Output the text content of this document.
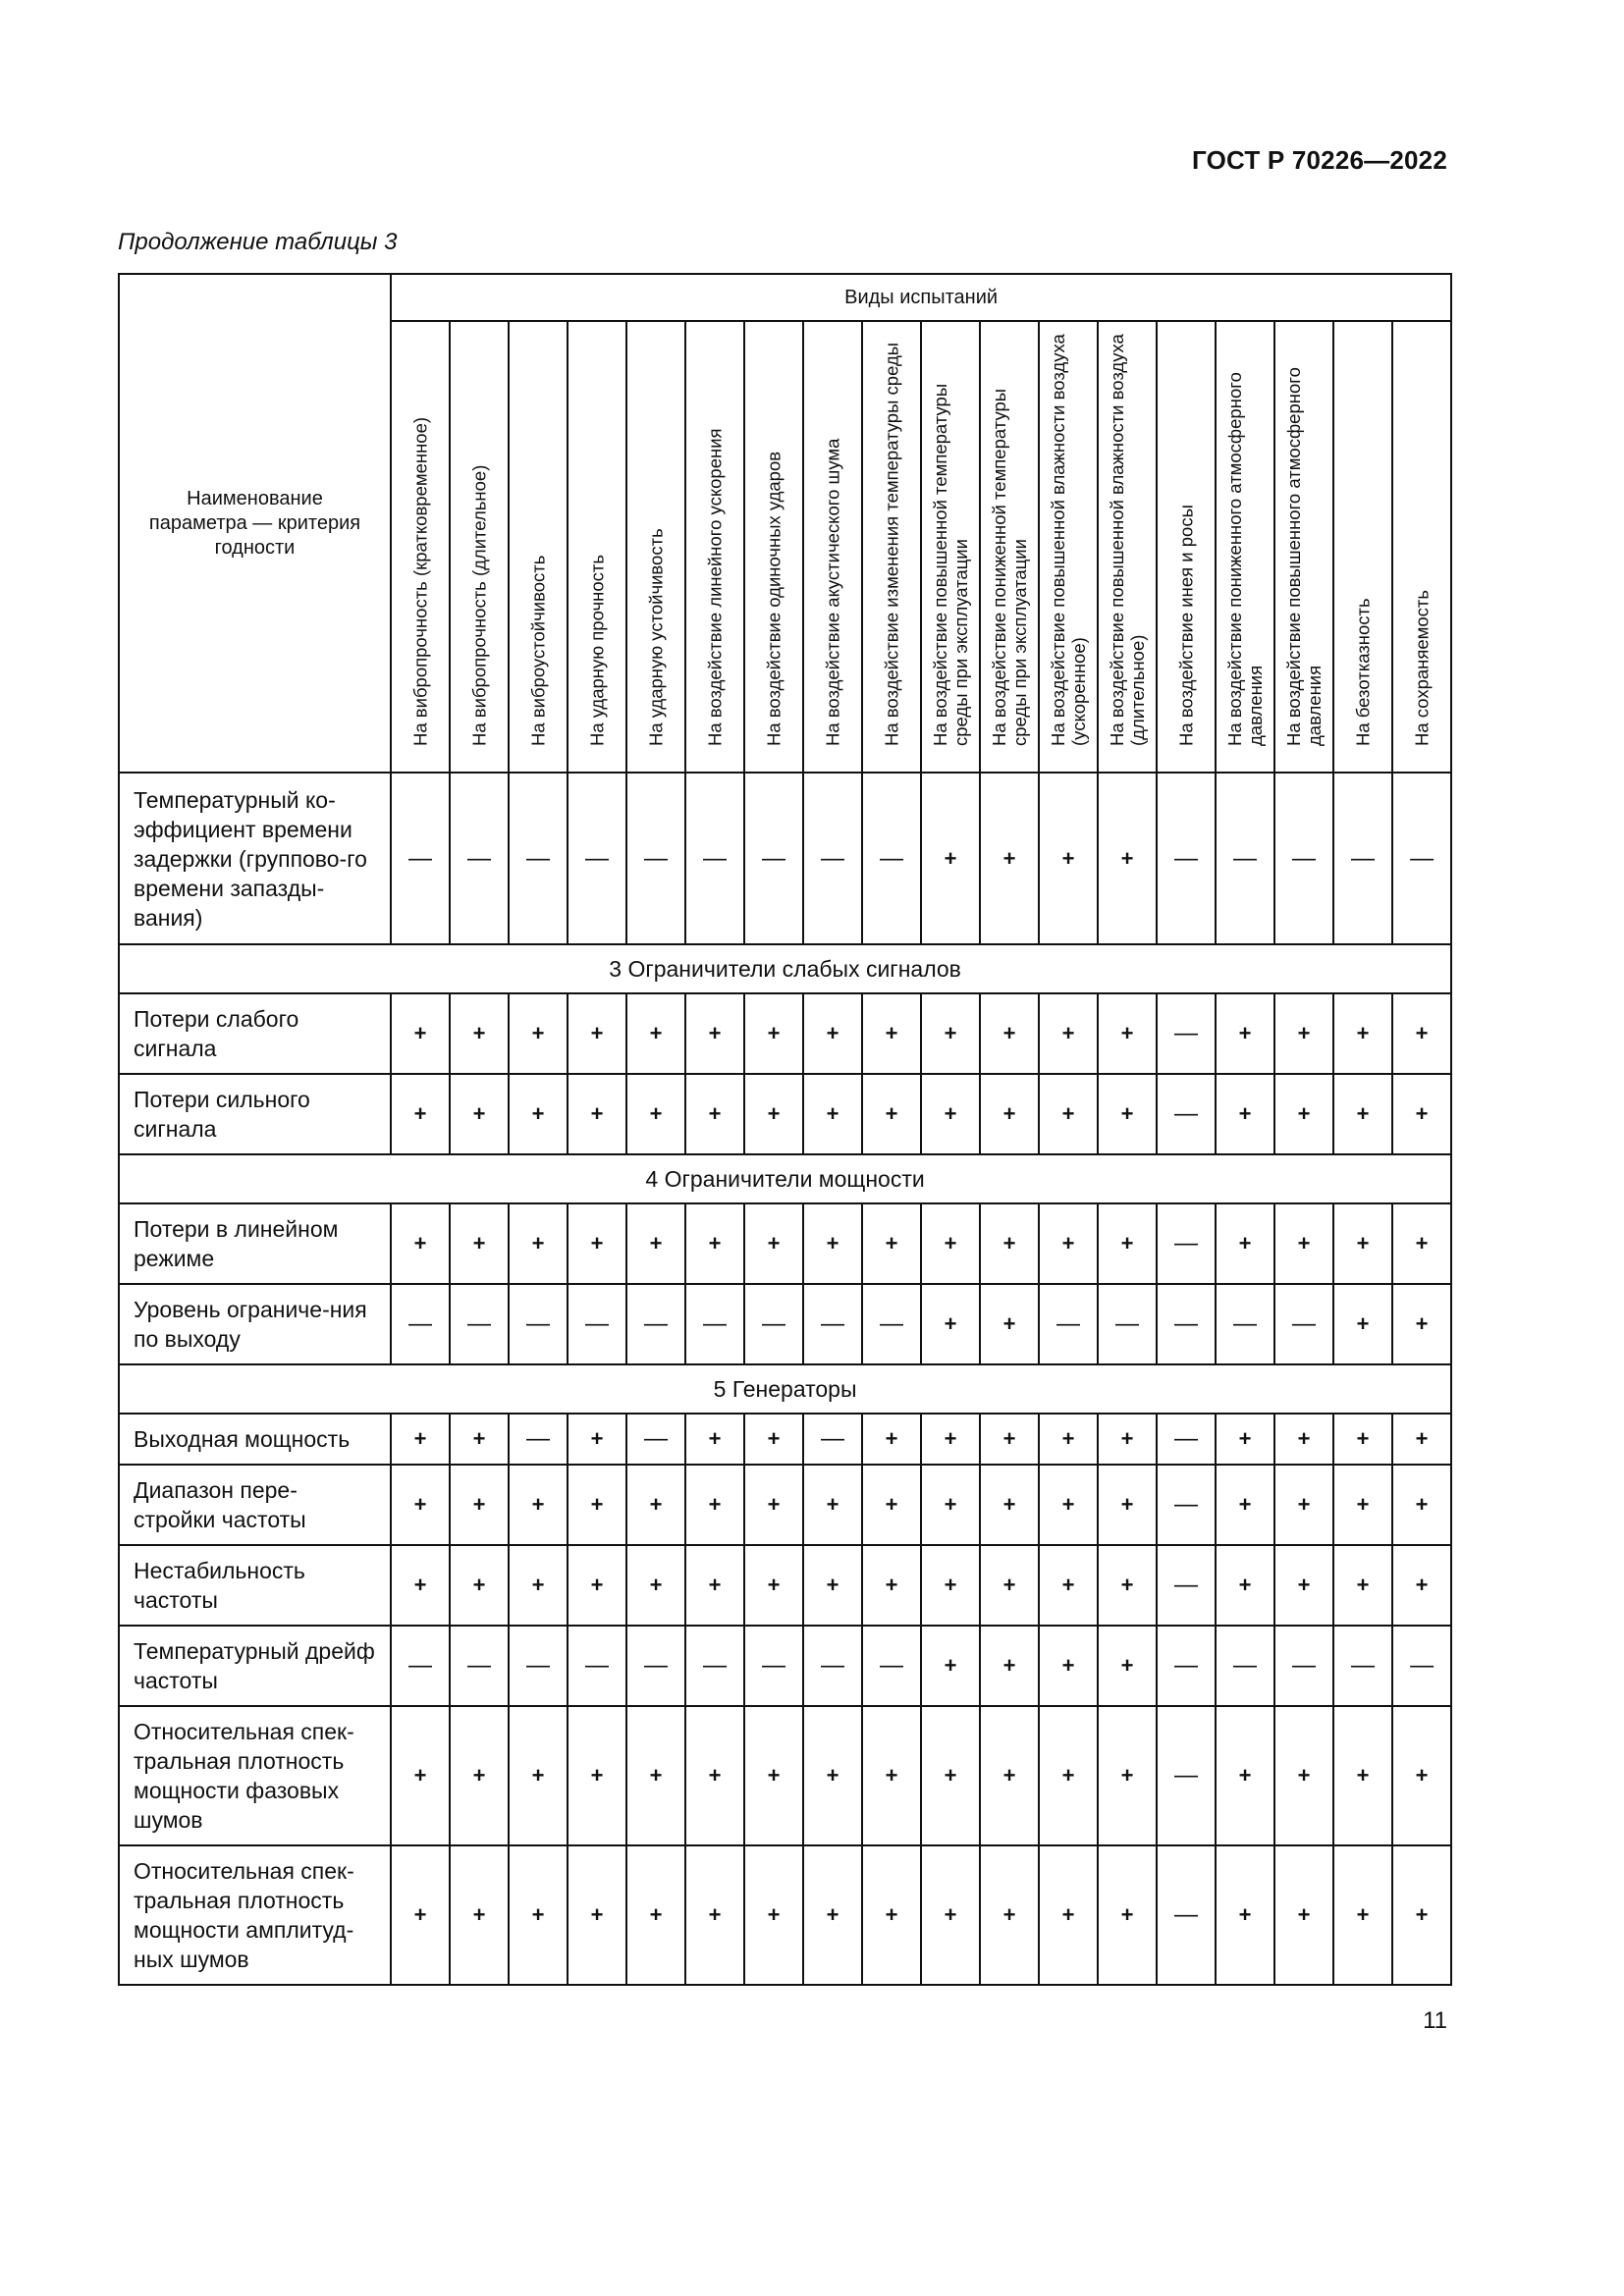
ГОСТ Р 70226—2022
Продолжение таблицы 3
Наименование параметра — критерия годности	Виды испытаний																	

	На вибропрочность (кратковременное)	На вибропрочность (длительное)	На виброустойчивость	На ударную прочность	На ударную устойчивость	На воздействие линейного ускорения	На воздействие одиночных ударов	На воздействие акустического шума	На воздействие изменения температуры среды	На воздействие повышенной температуры среды при эксплуатации	На воздействие пониженной температуры среды при эксплуатации	На воздействие повышенной влажности воздуха (ускоренное)	На воздействие повышенной влажности воздуха (длительное)	На воздействие инея и росы	На воздействие пониженного атмосферного давления	На воздействие повышенного атмосферного давления	На безотказность	На сохраняемость

Температурный ко-эффициент времени задержки (группово-го времени запазды-вания)	—	—	—	—	—	—	—	—	—	+	+	+	+	—	—	—	—	—
3 Ограничители слабых сигналов																		
Потери слабого сигнала	+	+	+	+	+	+	+	+	+	+	+	+	+	—	+	+	+	+
Потери сильного сигнала	+	+	+	+	+	+	+	+	+	+	+	+	+	—	+	+	+	+
4 Ограничители мощности																		
Потери в линейном режиме	+	+	+	+	+	+	+	+	+	+	+	+	+	—	+	+	+	+
Уровень ограниче-ния по выходу	—	—	—	—	—	—	—	—	—	+	+	—	—	—	—	—	+	+
5 Генераторы																		
Выходная мощность	+	+	—	+	—	+	+	—	+	+	+	+	+	—	+	+	+	+
Диапазон пере-стройки частоты	+	+	+	+	+	+	+	+	+	+	+	+	+	—	+	+	+	+
Нестабильность частоты	+	+	+	+	+	+	+	+	+	+	+	+	+	—	+	+	+	+
Температурный дрейф частоты	—	—	—	—	—	—	—	—	—	+	+	+	+	—	—	—	—	—
Относительная спек-тральная плотность мощности фазовых шумов	+	+	+	+	+	+	+	+	+	+	+	+	+	—	+	+	+	+
Относительная спек-тральная плотность мощности амплитуд-ных шумов	+	+	+	+	+	+	+	+	+	+	+	+	+	—	+	+	+	+
11
